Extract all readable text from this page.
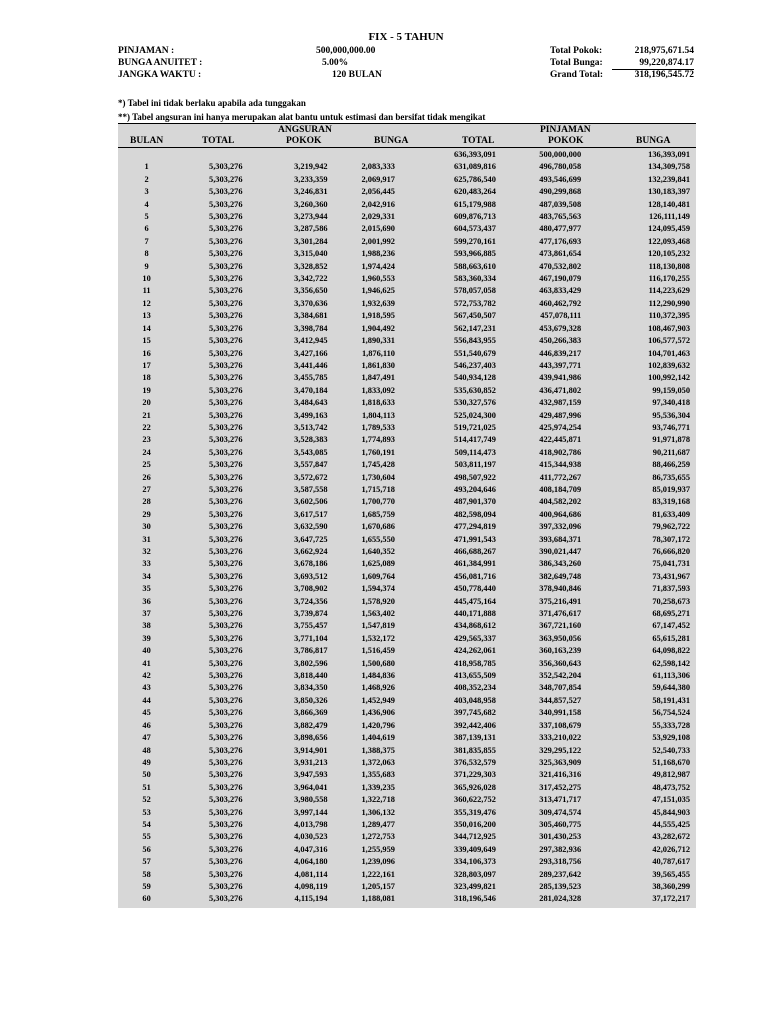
FIX - 5 TAHUN
PINJAMAN :	500,000,000.00
BUNGA ANUITET :	5.00%
JANGKA WAKTU :	120 BULAN
Total Pokok:	218,975,671.54
Total Bunga:	99,220,874.17
Grand Total:	318,196,545.72
*) Tabel ini tidak berlaku apabila ada tunggakan
**) Tabel angsuran ini hanya merupakan alat bantu untuk estimasi dan bersifat tidak mengikat
ANGSURAN	PINJAMAN
BULAN	TOTAL	POKOK	BUNGA	TOTAL	POKOK	BUNGA
				636,393,091	500,000,000	136,393,091
1	5,303,276	3,219,942	2,083,333	631,089,816	496,780,058	134,309,758
2	5,303,276	3,233,359	2,069,917	625,786,540	493,546,699	132,239,841
3	5,303,276	3,246,831	2,056,445	620,483,264	490,299,868	130,183,397
4	5,303,276	3,260,360	2,042,916	615,179,988	487,039,508	128,140,481
5	5,303,276	3,273,944	2,029,331	609,876,713	483,765,563	126,111,149
6	5,303,276	3,287,586	2,015,690	604,573,437	480,477,977	124,095,459
7	5,303,276	3,301,284	2,001,992	599,270,161	477,176,693	122,093,468
8	5,303,276	3,315,040	1,988,236	593,966,885	473,861,654	120,105,232
9	5,303,276	3,328,852	1,974,424	588,663,610	470,532,802	118,130,808
10	5,303,276	3,342,722	1,960,553	583,360,334	467,190,079	116,170,255
11	5,303,276	3,356,650	1,946,625	578,057,058	463,833,429	114,223,629
12	5,303,276	3,370,636	1,932,639	572,753,782	460,462,792	112,290,990
13	5,303,276	3,384,681	1,918,595	567,450,507	457,078,111	110,372,395
14	5,303,276	3,398,784	1,904,492	562,147,231	453,679,328	108,467,903
15	5,303,276	3,412,945	1,890,331	556,843,955	450,266,383	106,577,572
16	5,303,276	3,427,166	1,876,110	551,540,679	446,839,217	104,701,463
17	5,303,276	3,441,446	1,861,830	546,237,403	443,397,771	102,839,632
18	5,303,276	3,455,785	1,847,491	540,934,128	439,941,986	100,992,142
19	5,303,276	3,470,184	1,833,092	535,630,852	436,471,802	99,159,050
20	5,303,276	3,484,643	1,818,633	530,327,576	432,987,159	97,340,418
21	5,303,276	3,499,163	1,804,113	525,024,300	429,487,996	95,536,304
22	5,303,276	3,513,742	1,789,533	519,721,025	425,974,254	93,746,771
23	5,303,276	3,528,383	1,774,893	514,417,749	422,445,871	91,971,878
24	5,303,276	3,543,085	1,760,191	509,114,473	418,902,786	90,211,687
25	5,303,276	3,557,847	1,745,428	503,811,197	415,344,938	88,466,259
26	5,303,276	3,572,672	1,730,604	498,507,922	411,772,267	86,735,655
27	5,303,276	3,587,558	1,715,718	493,204,646	408,184,709	85,019,937
28	5,303,276	3,602,506	1,700,770	487,901,370	404,582,202	83,319,168
29	5,303,276	3,617,517	1,685,759	482,598,094	400,964,686	81,633,409
30	5,303,276	3,632,590	1,670,686	477,294,819	397,332,096	79,962,722
31	5,303,276	3,647,725	1,655,550	471,991,543	393,684,371	78,307,172
32	5,303,276	3,662,924	1,640,352	466,688,267	390,021,447	76,666,820
33	5,303,276	3,678,186	1,625,089	461,384,991	386,343,260	75,041,731
34	5,303,276	3,693,512	1,609,764	456,081,716	382,649,748	73,431,967
35	5,303,276	3,708,902	1,594,374	450,778,440	378,940,846	71,837,593
36	5,303,276	3,724,356	1,578,920	445,475,164	375,216,491	70,258,673
37	5,303,276	3,739,874	1,563,402	440,171,888	371,476,617	68,695,271
38	5,303,276	3,755,457	1,547,819	434,868,612	367,721,160	67,147,452
39	5,303,276	3,771,104	1,532,172	429,565,337	363,950,056	65,615,281
40	5,303,276	3,786,817	1,516,459	424,262,061	360,163,239	64,098,822
41	5,303,276	3,802,596	1,500,680	418,958,785	356,360,643	62,598,142
42	5,303,276	3,818,440	1,484,836	413,655,509	352,542,204	61,113,306
43	5,303,276	3,834,350	1,468,926	408,352,234	348,707,854	59,644,380
44	5,303,276	3,850,326	1,452,949	403,048,958	344,857,527	58,191,431
45	5,303,276	3,866,369	1,436,906	397,745,682	340,991,158	56,754,524
46	5,303,276	3,882,479	1,420,796	392,442,406	337,108,679	55,333,728
47	5,303,276	3,898,656	1,404,619	387,139,131	333,210,022	53,929,108
48	5,303,276	3,914,901	1,388,375	381,835,855	329,295,122	52,540,733
49	5,303,276	3,931,213	1,372,063	376,532,579	325,363,909	51,168,670
50	5,303,276	3,947,593	1,355,683	371,229,303	321,416,316	49,812,987
51	5,303,276	3,964,041	1,339,235	365,926,028	317,452,275	48,473,752
52	5,303,276	3,980,558	1,322,718	360,622,752	313,471,717	47,151,035
53	5,303,276	3,997,144	1,306,132	355,319,476	309,474,574	45,844,903
54	5,303,276	4,013,798	1,289,477	350,016,200	305,460,775	44,555,425
55	5,303,276	4,030,523	1,272,753	344,712,925	301,430,253	43,282,672
56	5,303,276	4,047,316	1,255,959	339,409,649	297,382,936	42,026,712
57	5,303,276	4,064,180	1,239,096	334,106,373	293,318,756	40,787,617
58	5,303,276	4,081,114	1,222,161	328,803,097	289,237,642	39,565,455
59	5,303,276	4,098,119	1,205,157	323,499,821	285,139,523	38,360,299
60	5,303,276	4,115,194	1,188,081	318,196,546	281,024,328	37,172,217
